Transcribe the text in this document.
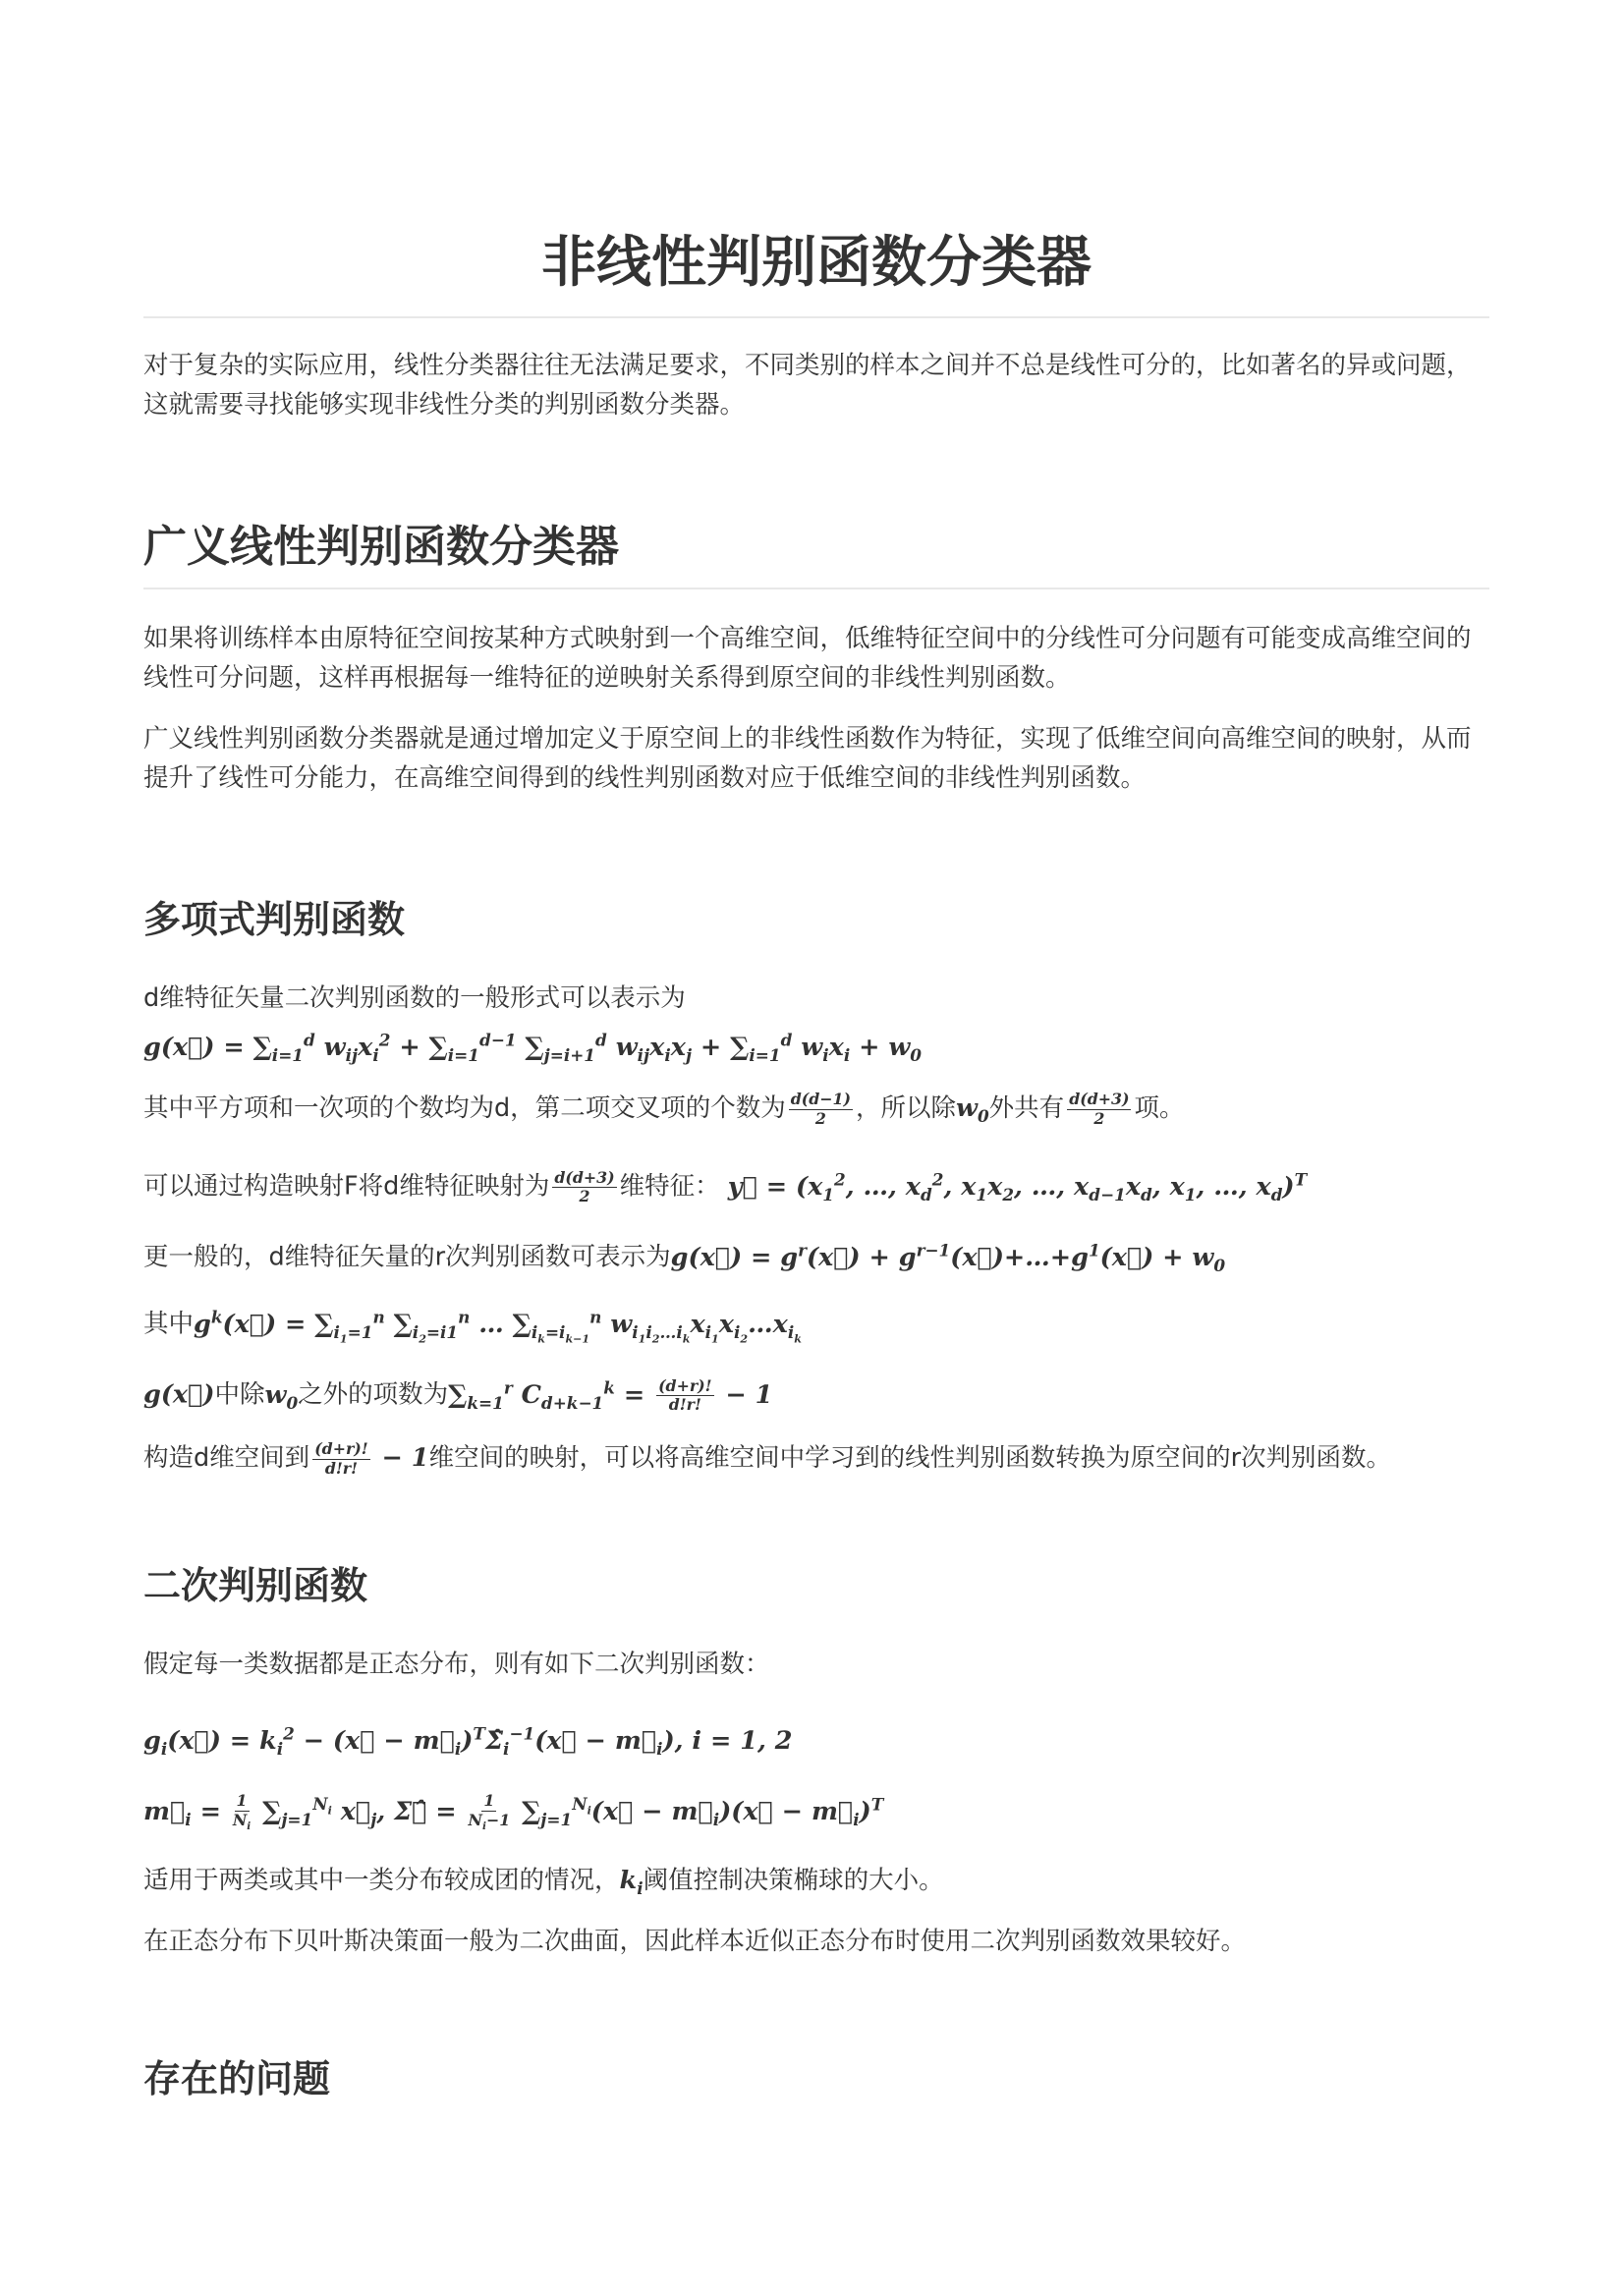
非线性判别函数分类器

对于复杂的实际应用，线性分类器往往无法满足要求，不同类别的样本之间并不总是线性可分的，比如著名的异或问题，这就需要寻找能够实现非线性分类的判别函数分类器。

广义线性判别函数分类器

如果将训练样本由原特征空间按某种方式映射到一个高维空间，低维特征空间中的分线性可分问题有可能变成高维空间的线性可分问题，这样再根据每一维特征的逆映射关系得到原空间的非线性判别函数。

广义线性判别函数分类器就是通过增加定义于原空间上的非线性函数作为特征，实现了低维空间向高维空间的映射，从而提升了线性可分能力，在高维空间得到的线性判别函数对应于低维空间的非线性判别函数。

多项式判别函数

d维特征矢量二次判别函数的一般形式可以表示为

g(x⃗) = $\sum_{i=1}^d$ $w_{ij}x_i^2 + \sum_{i=1}^{d-1}$ $\sum_{j=i+1}^d$ $w_{ij}x_ix_j + \sum_{i=1}^d$ $w_ix_i + w_0$
其中平方项和一次项的个数均为d，第二项交叉项的个数为 $\frac{d(d-1)}{2}$ ，所以除$w_0$外共有 $\frac{d(d+3)}{2}$ 项。
可以通过构造映射F将d维特征映射为 $\frac{d(d+3)}{2}$ 维特征： y⃗ = ($x_1^2$, …, $x_d^2$, $x_1x_2$, …, $x_{d-1}x_d$, $x_1$, …, $x_d)^T$
更一般的，d维特征矢量的r次判别函数可表示为g(x⃗) = $g^r(x⃗)$ + $g^{r-1}(x⃗)+\dots+g^1(x⃗) + w_0$
其中$g^k(x⃗) = \sum_{i_1=1}^n$ $\sum_{i_2=i1}^n$ … $\sum_{i_k=i_{k-1}}^n$ $w_{i_1i_2\dots i_k}x_{i_1}x_{i_2}\dots x_{i_k}$
g(x⃗)中除$w_0$之外的项数为$\sum_{k=1}^r$ $C_{d+k-1}^k = \frac{(d+r)!}{d!r!} - 1$
构造d维空间到 $\frac{(d+r)!}{d!r!} - 1$维空间的映射，可以将高维空间中学习到的线性判别函数转换为原空间的r次判别函数。
二次判别函数

假定每一类数据都是正态分布，则有如下二次判别函数：

$g_i(x⃗) = k_i^2$ − (x⃗ − $m⃗_i)^T\Sigmâ_i^{-1}(x⃗$ − $m⃗_i$), i = 1, 2
$m⃗_i = \frac{1}{N_i} \sum_{j=1}^{N_i}$ $x⃗_j$, Σ⃗̂ = $\frac{1}{N_i-1}$ $\sum_{j=1}^{N_i}(x⃗$ − $m⃗_i)(x⃗$ − $m⃗_i)^T$
适用于两类或其中一类分布较成团的情况，$k_i$阈值控制决策椭球的大小。

在正态分布下贝叶斯决策面一般为二次曲面，因此样本近似正态分布时使用二次判别函数效果较好。

存在的问题
